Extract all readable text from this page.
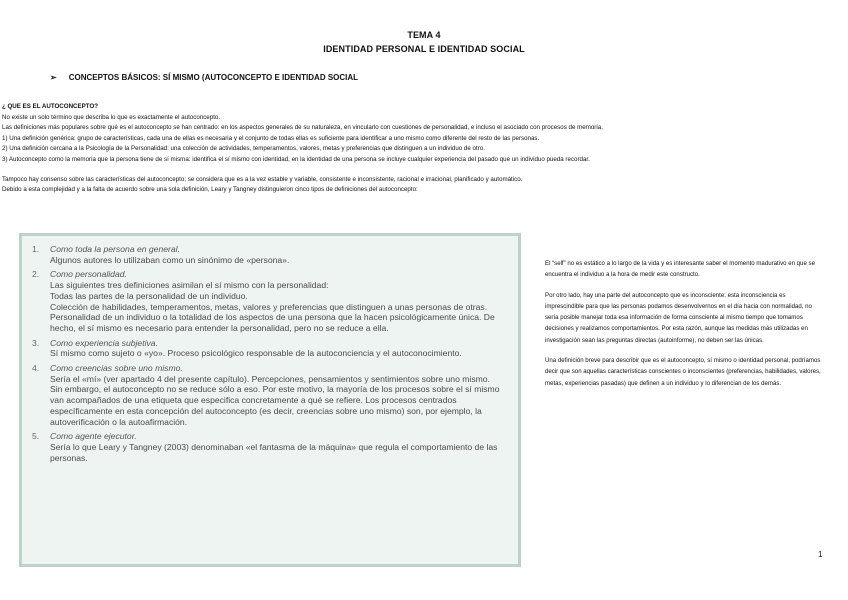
TEMA 4
IDENTIDAD PERSONAL E IDENTIDAD SOCIAL
➢ CONCEPTOS BÁSICOS: SÍ MISMO (AUTOCONCEPTO E IDENTIDAD SOCIAL
¿ QUE ES EL AUTOCONCEPTO?
No existe un solo término que describa lo que es exactamente el autoconcepto.
Las definiciones más populares sobre qué es el autoconcepto se han centrado: en los aspectos generales de su naturaleza, en vincularlo con cuestiones de personalidad, e incluso el asociado con procesos de memoria.
1) Una definición genérica: grupo de características, cada una de ellas es necesaria y el conjunto de todas ellas es suficiente para identificar a uno mismo como diferente del resto de las personas.
2) Una definición cercana a la Psicología de la Personalidad: una colección de actividades, temperamentos, valores, metas y preferencias que distinguen a un individuo de otro.
3) Autoconcepto como la memoria que la persona tiene de sí misma: identifica el sí mismo con identidad, en la identidad de una persona se incluye cualquier experiencia del pasado que un individuo pueda recordar.
Tampoco hay consenso sobre las características del autoconcepto; se considera que es a la vez estable y variable, consistente e inconsistente, racional e irracional, planificado y automático.
Debido a esta complejidad y a la falta de acuerdo sobre una sola definición, Leary y Tangney distinguieron cinco tipos de definiciones del autoconcepto:
1.	Como toda la persona en general.

Algunos autores lo utilizaban como un sinónimo de «persona».

2.	Como personalidad.

Las siguientes tres definiciones asimilan el sí mismo con la personalidad:

Todas las partes de la personalidad de un individuo.

Colección de habilidades, temperamentos, metas, valores y preferencias que distinguen a unas personas de otras.

Personalidad de un individuo o la totalidad de los aspectos de una persona que la hacen psicológicamente única. De hecho, el sí mismo es necesario para entender la personalidad, pero no se reduce a ella.

3.	Como experiencia subjetiva.

Sí mismo como sujeto o «yo». Proceso psicológico responsable de la autoconciencia y el autoconocimiento.

4.	Como creencias sobre uno mismo.

Sería el «mí» (ver apartado 4 del presente capítulo). Percepciones, pensamientos y sentimientos sobre uno mismo.

Sin embargo, el autoconcepto no se reduce sólo a eso. Por este motivo, la mayoría de los procesos sobre el sí mismo van acompañados de una etiqueta que especifica concretamente a qué se refiere. Los procesos centrados específicamente en esta concepción del autoconcepto (es decir, creencias sobre uno mismo) son, por ejemplo, la autoverificación o la autoafirmación.

5.	Como agente ejecutor.

Sería lo que Leary y Tangney (2003) denominaban «el fantasma de la máquina» que regula el comportamiento de las personas.

El “self” no es estático a lo largo de la vida y es interesante saber el momento madurativo en que se encuentra el individuo a la hora de medir este constructo.

Por otro lado, hay una parte del autoconcepto que es inconsciente: esta inconsciencia es imprescindible para que las personas podamos desenvolvernos en el día hacia con normalidad, no sería posible manejar toda esa información de forma consciente al mismo tiempo que tomamos decisiones y realizamos comportamientos. Por esta razón, aunque las medidas más utilizadas en investigación sean las preguntas directas (autoinforme), no deben ser las únicas.

Una definición breve para describir que es el autoconcepto, sí mismo o identidad personal, podríamos decir que son aquellas características conscientes o inconscientes (preferencias, habilidades, valores, metas, experiencias pasadas) que definen a un individuo y lo diferencian de los demás.

1
